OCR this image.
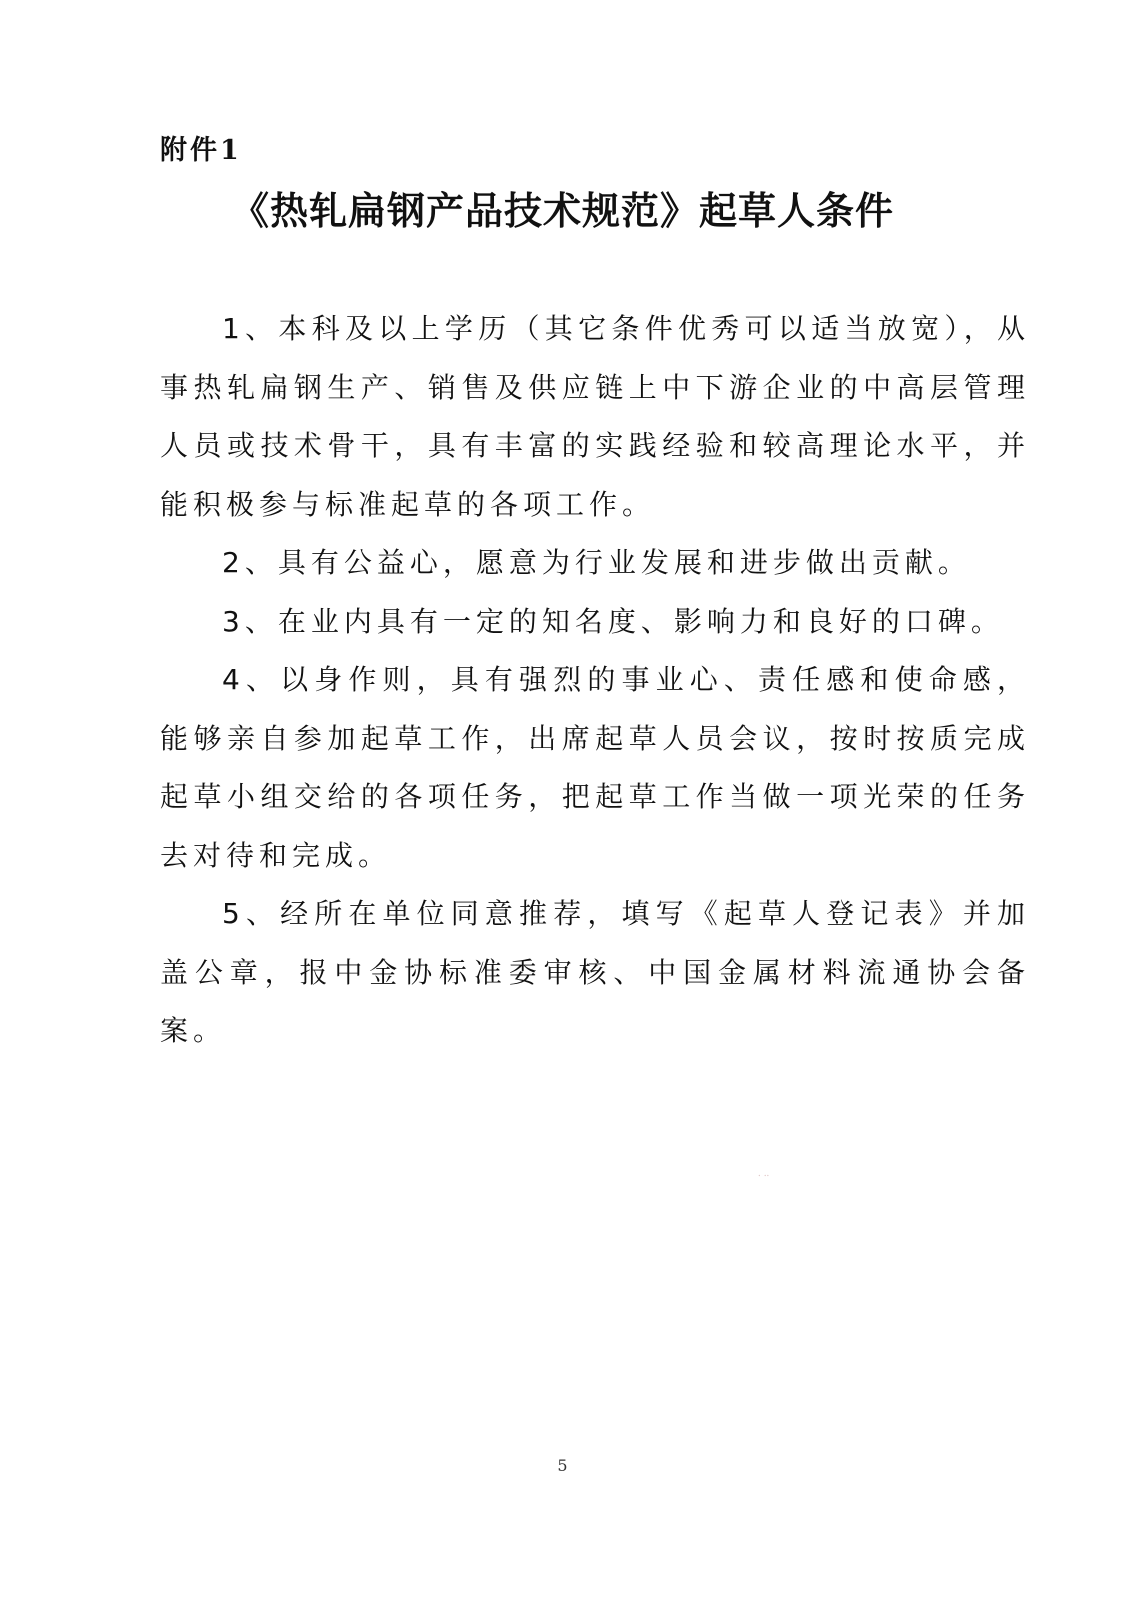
附件1
《热轧扁钢产品技术规范》起草人条件

1、本科及以上学历（其它条件优秀可以适当放宽），从事热轧扁钢生产、销售及供应链上中下游企业的中高层管理人员或技术骨干，具有丰富的实践经验和较高理论水平，并能积极参与标准起草的各项工作。

2、具有公益心，愿意为行业发展和进步做出贡献。

3、在业内具有一定的知名度、影响力和良好的口碑。

4、以身作则，具有强烈的事业心、责任感和使命感，能够亲自参加起草工作，出席起草人员会议，按时按质完成起草小组交给的各项任务，把起草工作当做一项光荣的任务去对待和完成。

5、经所在单位同意推荐，填写《起草人登记表》并加盖公章，报中金协标准委审核、中国金属材料流通协会备案。

⸱ ⸱⸱
5
